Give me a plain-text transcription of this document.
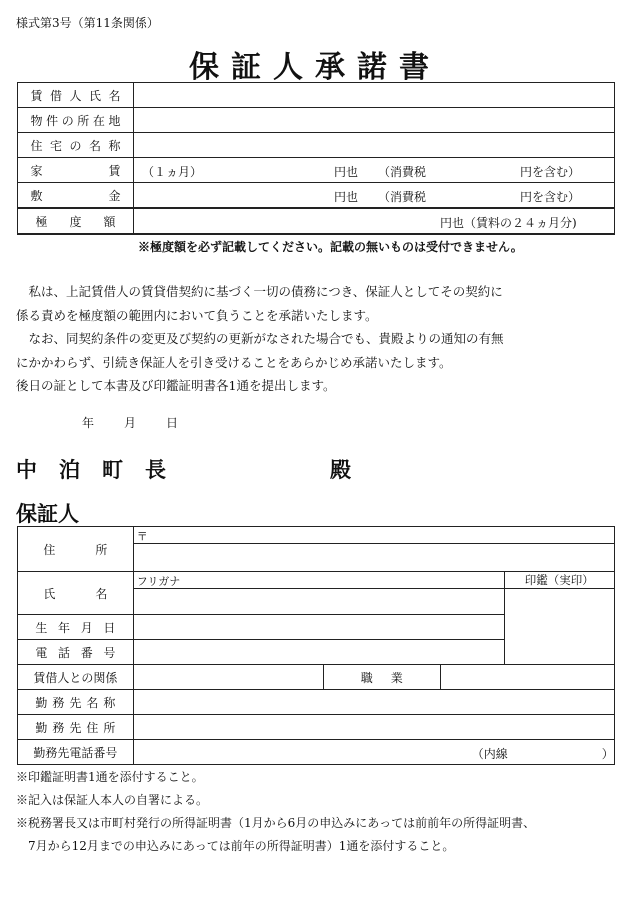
様式第3号（第11条関係）
保証人承諾書
賃借人氏名	
物件の所在地	
住宅の名称	
家賃	（１ヵ月） 円也 （消費税 円を含む）

敷金	円也 （消費税 円を含む）

極度額	円也（賃料の２４ヵ月分)
※極度額を必ず記載してください。記載の無いものは受付できません。

　私は、上記賃借人の賃貸借契約に基づく一切の債務につき、保証人としてその契約に

係る責めを極度額の範囲内において負うことを承諾いたします。

　なお、同契約条件の変更及び契約の更新がなされた場合でも、貴殿よりの通知の有無

にかかわらず、引続き保証人を引き受けることをあらかじめ承諾いたします。

後日の証として本書及び印鑑証明書各1通を提出します。

年	月	日
中泊町長	殿
保証人
住所	〒			

氏名	フリガナ			印鑑（実印）

生年月日				
電話番号				
賃借人との関係		職業		
勤務先名称				
勤務先住所				
勤務先電話番号	（内線 ）			

※印鑑証明書1通を添付すること。

※記入は保証人本人の自署による。

※税務署長又は市町村発行の所得証明書（1月から6月の申込みにあっては前前年の所得証明書、

　7月から12月までの申込みにあっては前年の所得証明書）1通を添付すること。
